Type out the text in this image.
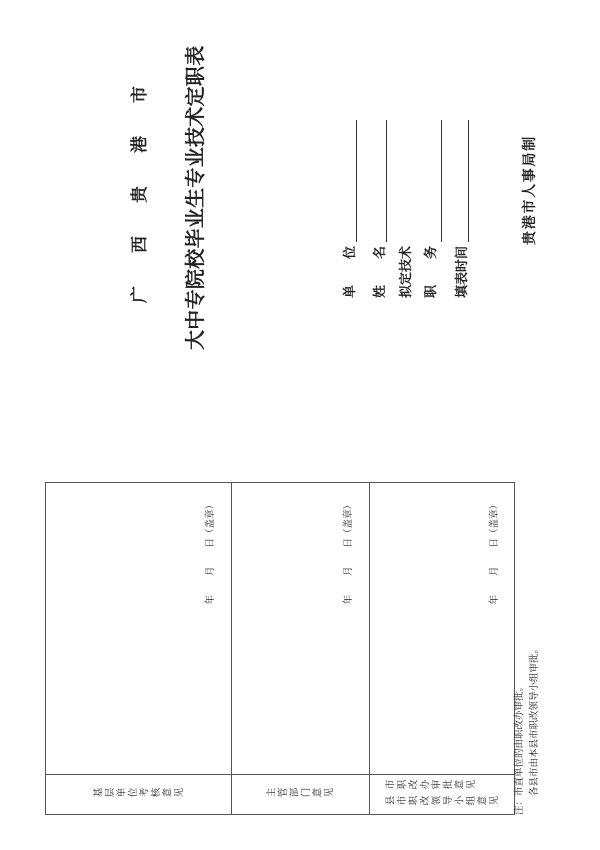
广西贵港市 大中专院校毕业生专业技术定职表	单　　位 姓　　名 拟定技术 职　　务	填表时间
贵港市人事局制
基层单位考核意见
年　　月　　日（盖章）
主管部门意见
年　　月　　日（盖章）
市职改办审批意见
县市职改领导小组意见
年　　月　　日（盖章）
注：市直单位的由职改办审批。 各县市由本县市职改领导小组审批。
